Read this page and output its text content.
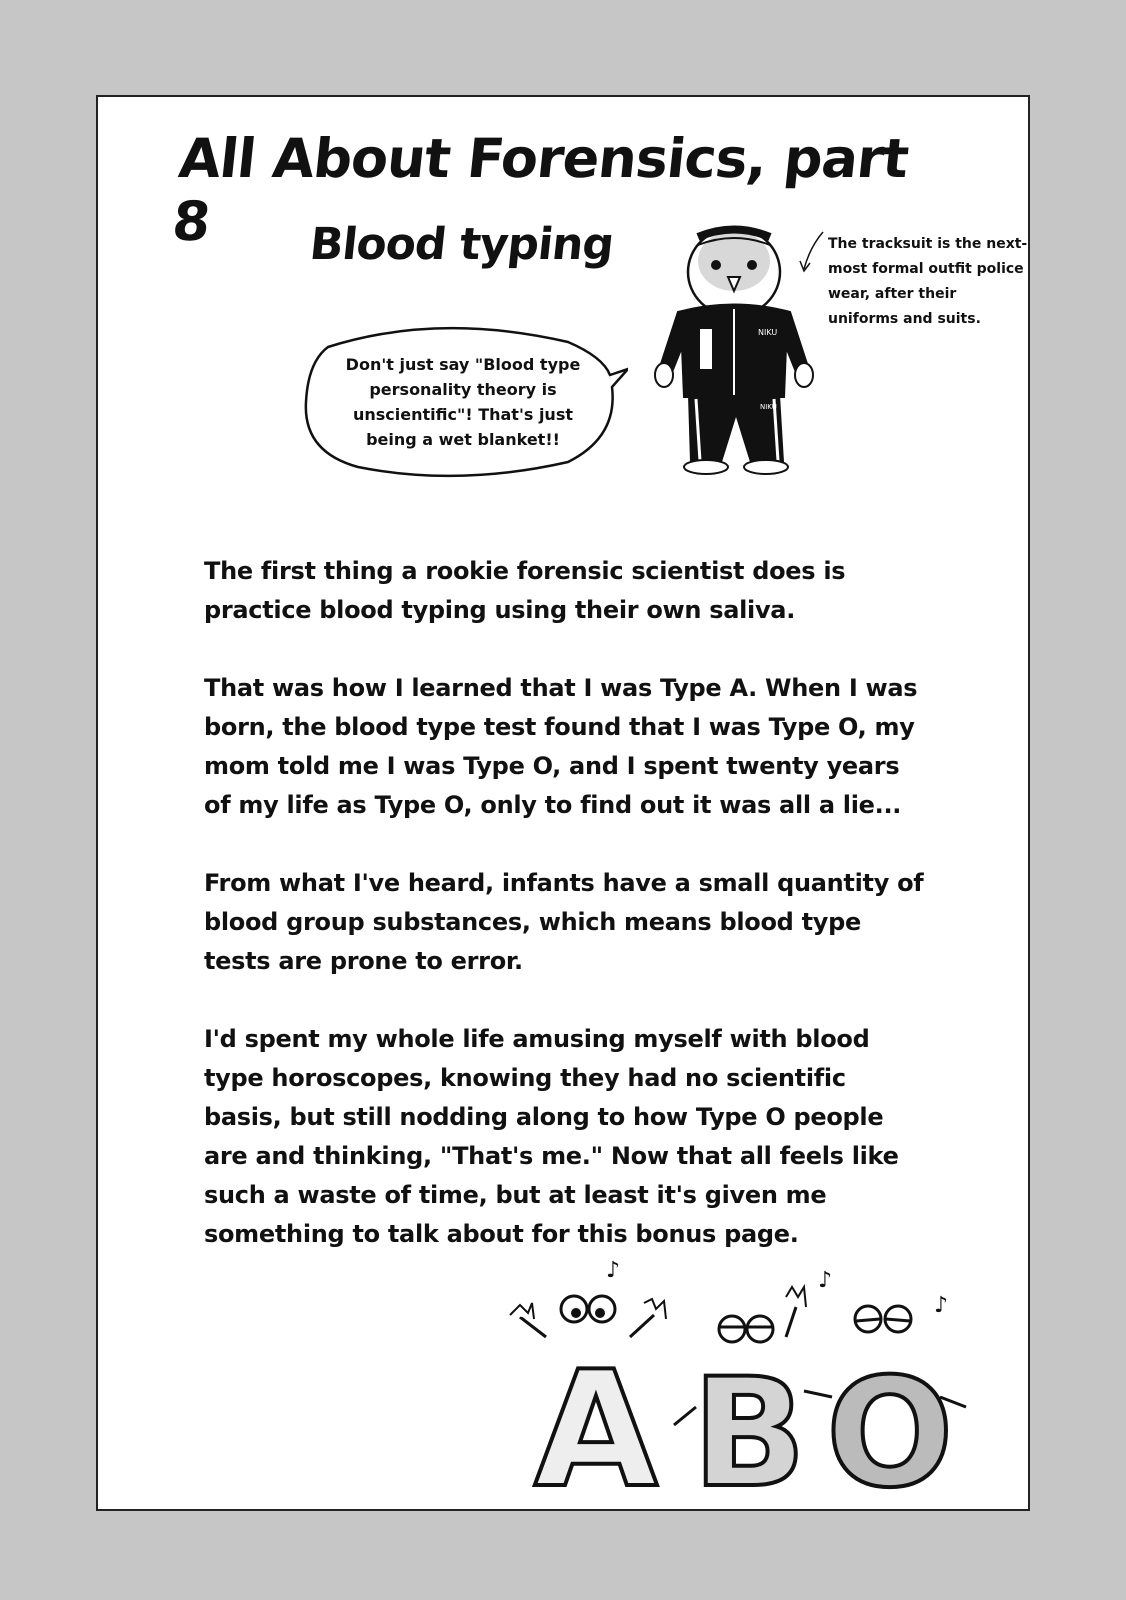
All About Forensics, part 8	Blood typing
Don't just say "Blood type personality theory is unscientific"! That's just being a wet blanket!!
NIKU
NIKU
The tracksuit is the next-most formal outfit police wear, after their uniforms and suits.

The first thing a rookie forensic scientist does is practice blood typing using their own saliva.

That was how I learned that I was Type A. When I was born, the blood type test found that I was Type O, my mom told me I was Type O, and I spent twenty years of my life as Type O, only to find out it was all a lie...

From what I've heard, infants have a small quantity of blood group substances, which means blood type tests are prone to error.

I'd spent my whole life amusing myself with blood type horoscopes, knowing they had no scientific basis, but still nodding along to how Type O people are and thinking, "That's me." Now that all feels like such a waste of time, but at least it's given me something to talk about for this bonus page.

♪	♪
♪
A B O
